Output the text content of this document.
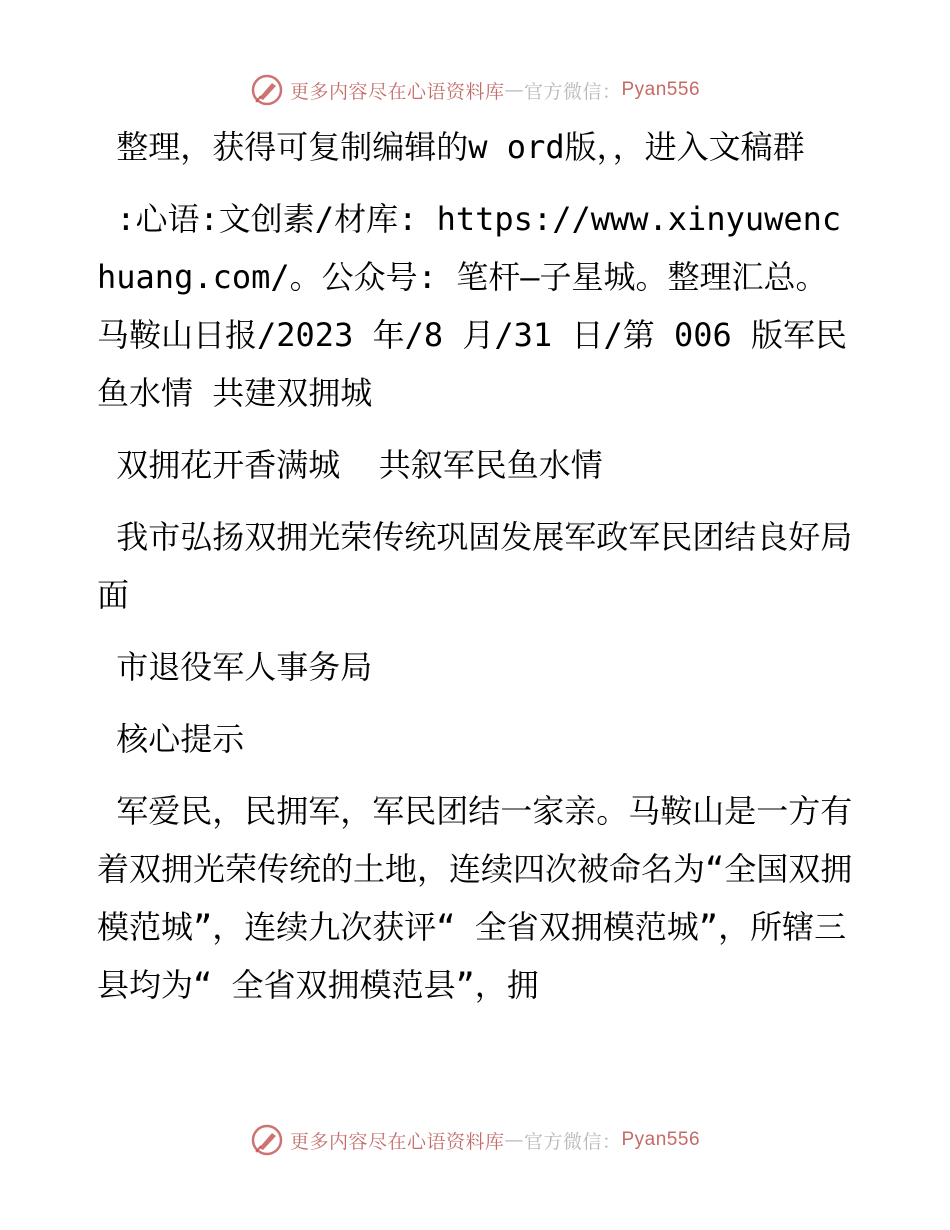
更多内容尽在心语资料库 — 官方微信： Pyan556

整理，获得可复制编辑的w ord版，，进入文稿群

:心语:文创素/材库: https://www.xinyuwenchuang.com/。公众号: 笔杆—子星城。整理汇总。马鞍山日报/2023 年/8 月/31 日/第 006 版军民鱼水情 共建双拥城

双拥花开香满城  共叙军民鱼水情

我市弘扬双拥光荣传统巩固发展军政军民团结良好局面

市退役军人事务局

核心提示

军爱民，民拥军，军民团结一家亲。马鞍山是一方有着双拥光荣传统的土地，连续四次被命名为“全国双拥模范城”，连续九次获评“ 全省双拥模范城”，所辖三县均为“ 全省双拥模范县”，拥

更多内容尽在心语资料库 — 官方微信： Pyan556
